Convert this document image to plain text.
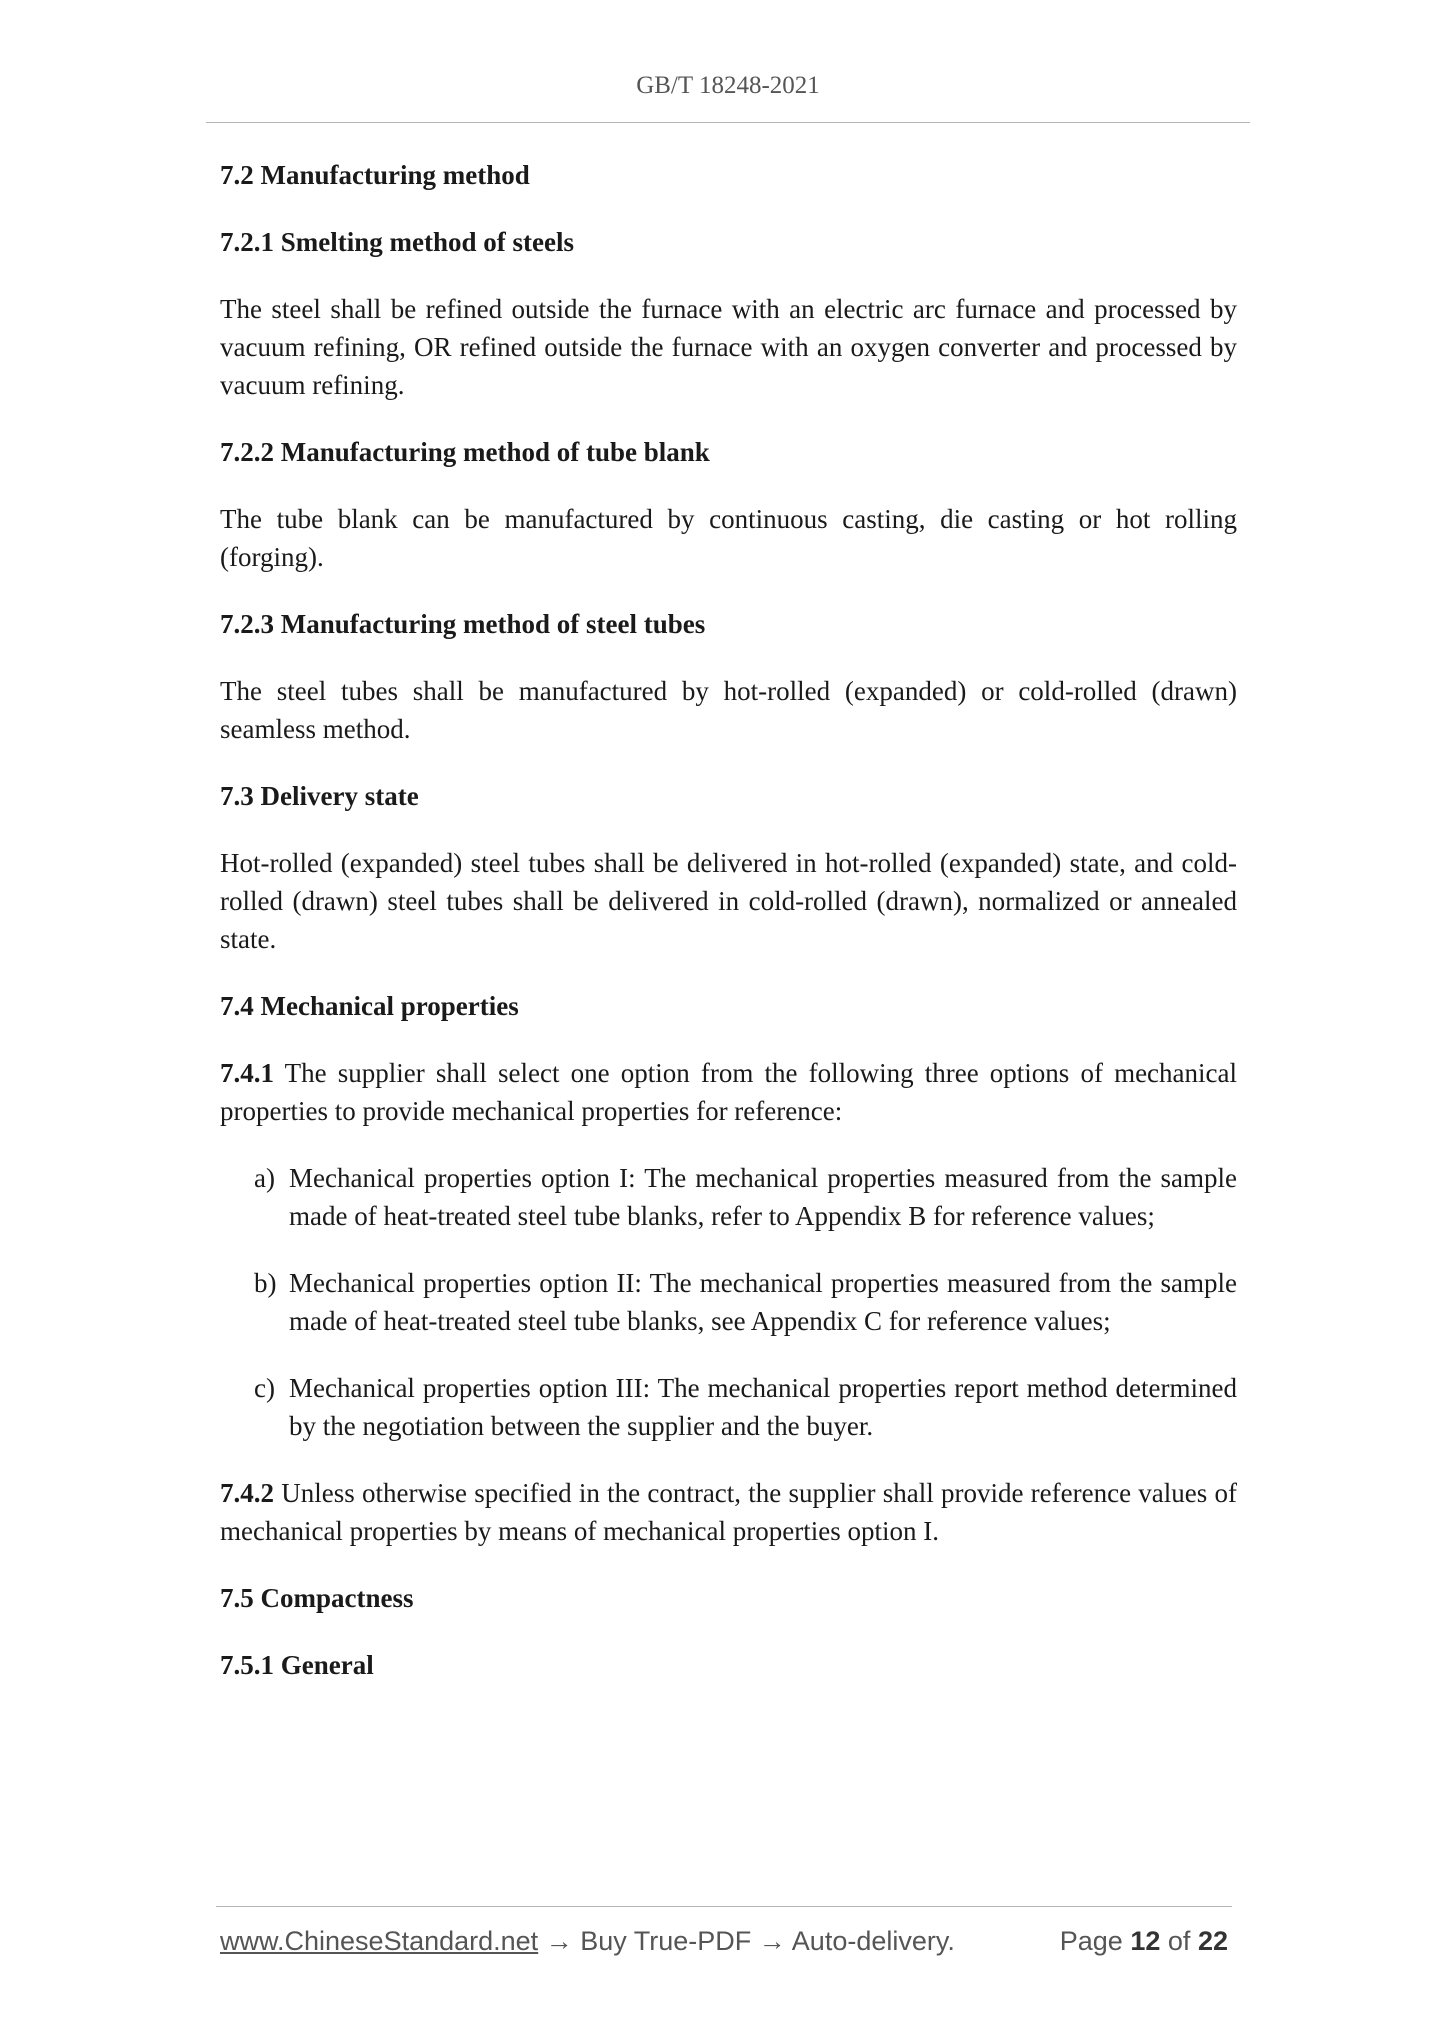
GB/T 18248-2021
7.2 Manufacturing method
7.2.1 Smelting method of steels
The steel shall be refined outside the furnace with an electric arc furnace and processed by vacuum refining, OR refined outside the furnace with an oxygen converter and processed by vacuum refining.
7.2.2 Manufacturing method of tube blank
The tube blank can be manufactured by continuous casting, die casting or hot rolling (forging).
7.2.3 Manufacturing method of steel tubes
The steel tubes shall be manufactured by hot-rolled (expanded) or cold-rolled (drawn) seamless method.
7.3 Delivery state
Hot-rolled (expanded) steel tubes shall be delivered in hot-rolled (expanded) state, and cold-rolled (drawn) steel tubes shall be delivered in cold-rolled (drawn), normalized or annealed state.
7.4 Mechanical properties
7.4.1 The supplier shall select one option from the following three options of mechanical properties to provide mechanical properties for reference:
a) Mechanical properties option I: The mechanical properties measured from the sample made of heat-treated steel tube blanks, refer to Appendix B for reference values;
b) Mechanical properties option II: The mechanical properties measured from the sample made of heat-treated steel tube blanks, see Appendix C for reference values;
c) Mechanical properties option III: The mechanical properties report method determined by the negotiation between the supplier and the buyer.
7.4.2 Unless otherwise specified in the contract, the supplier shall provide reference values of mechanical properties by means of mechanical properties option I.
7.5 Compactness
7.5.1 General
www.ChineseStandard.net → Buy True-PDF → Auto-delivery.	Page 12 of 22
